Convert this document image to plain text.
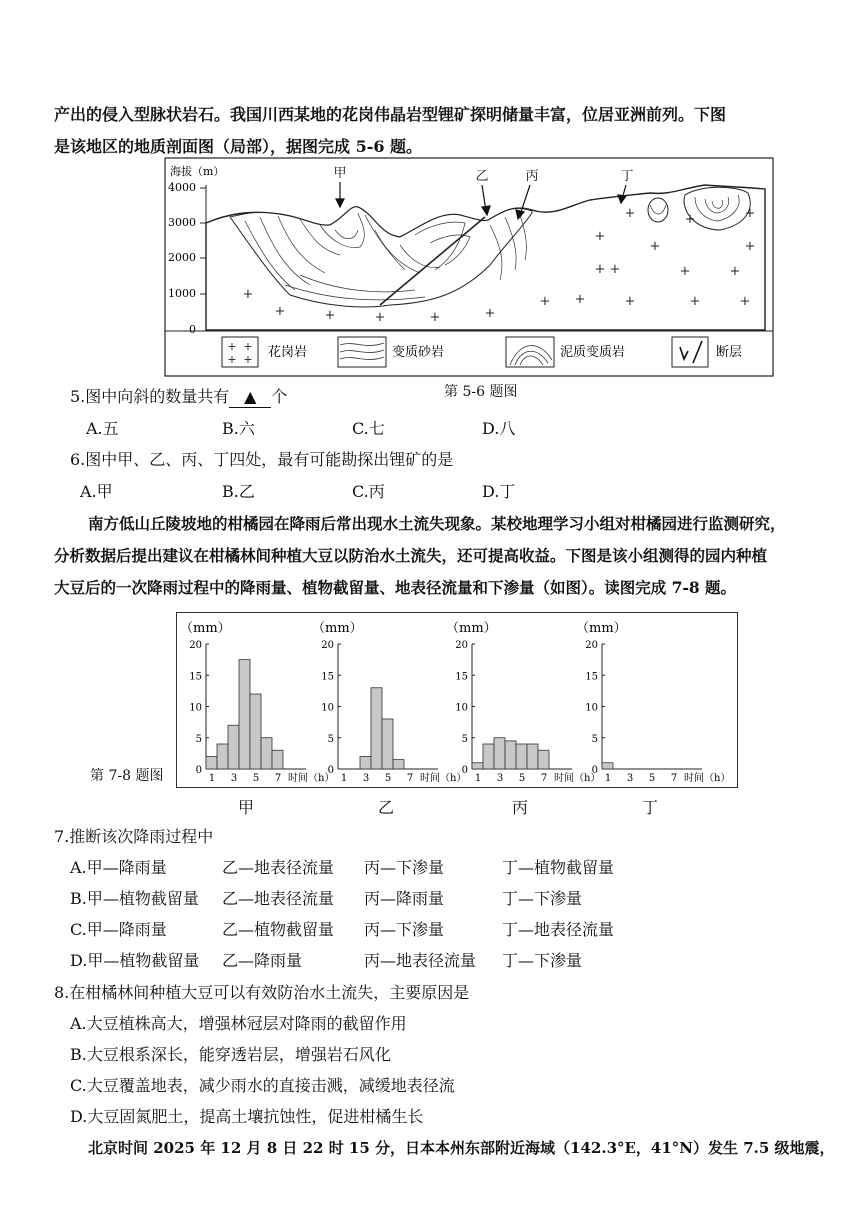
产出的侵入型脉状岩石。我国川西某地的花岗伟晶岩型锂矿探明储量丰富，位居亚洲前列。下图
是该地区的地质剖面图（局部），据图完成 5-6 题。
海拔（m）
4000
3000
2000
1000
0
+
+	+	+	+	+
+ +	+	+	+
+
+
+	+
+	+
+
+
+
+
甲	乙	丙	丁
+ +
+ + 花岗岩	变质砂岩	泥质变质岩	断层
第 5-6 题图
5.图中向斜的数量共有 ▲ 个
A.五	B.六	C.七	D.八
6.图中甲、乙、丙、丁四处，最有可能勘探出锂矿的是
A.甲	B.乙	C.丙	D.丁
南方低山丘陵坡地的柑橘园在降雨后常出现水土流失现象。某校地理学习小组对柑橘园进行监测研究，
分析数据后提出建议在柑橘林间种植大豆以防治水土流失，还可提高收益。下图是该小组测得的园内种植
大豆后的一次降雨过程中的降雨量、植物截留量、地表径流量和下渗量（如图）。读图完成 7-8 题。
第 7-8 题图
（mm）
20
15
10
5
0
1 3 5 7 时间（h）
（mm）
20
15
10
5
0
1 3 5 7 时间（h）
（mm）
20
15
10
5
0
1 3 5 7 时间（h）
（mm）
20
15
10
5
0
1 3 5 7 时间（h）
甲	乙	丙	丁
7.推断该次降雨过程中
A.甲—降雨量	乙—地表径流量 丙—下渗量	丁—植物截留量
B.甲—植物截留量 乙—地表径流量 丙—降雨量	丁—下渗量
C.甲—降雨量	乙—植物截留量 丙—下渗量	丁—地表径流量
D.甲—植物截留量 乙—降雨量	丙—地表径流量 丁—下渗量
8.在柑橘林间种植大豆可以有效防治水土流失，主要原因是
A.大豆植株高大，增强林冠层对降雨的截留作用
B.大豆根系深长，能穿透岩层，增强岩石风化
C.大豆覆盖地表，减少雨水的直接击溅，减缓地表径流
D.大豆固氮肥土，提高土壤抗蚀性，促进柑橘生长
北京时间 2025 年 12 月 8 日 22 时 15 分，日本本州东部附近海域（142.3°E，41°N）发生 7.5 级地震，
